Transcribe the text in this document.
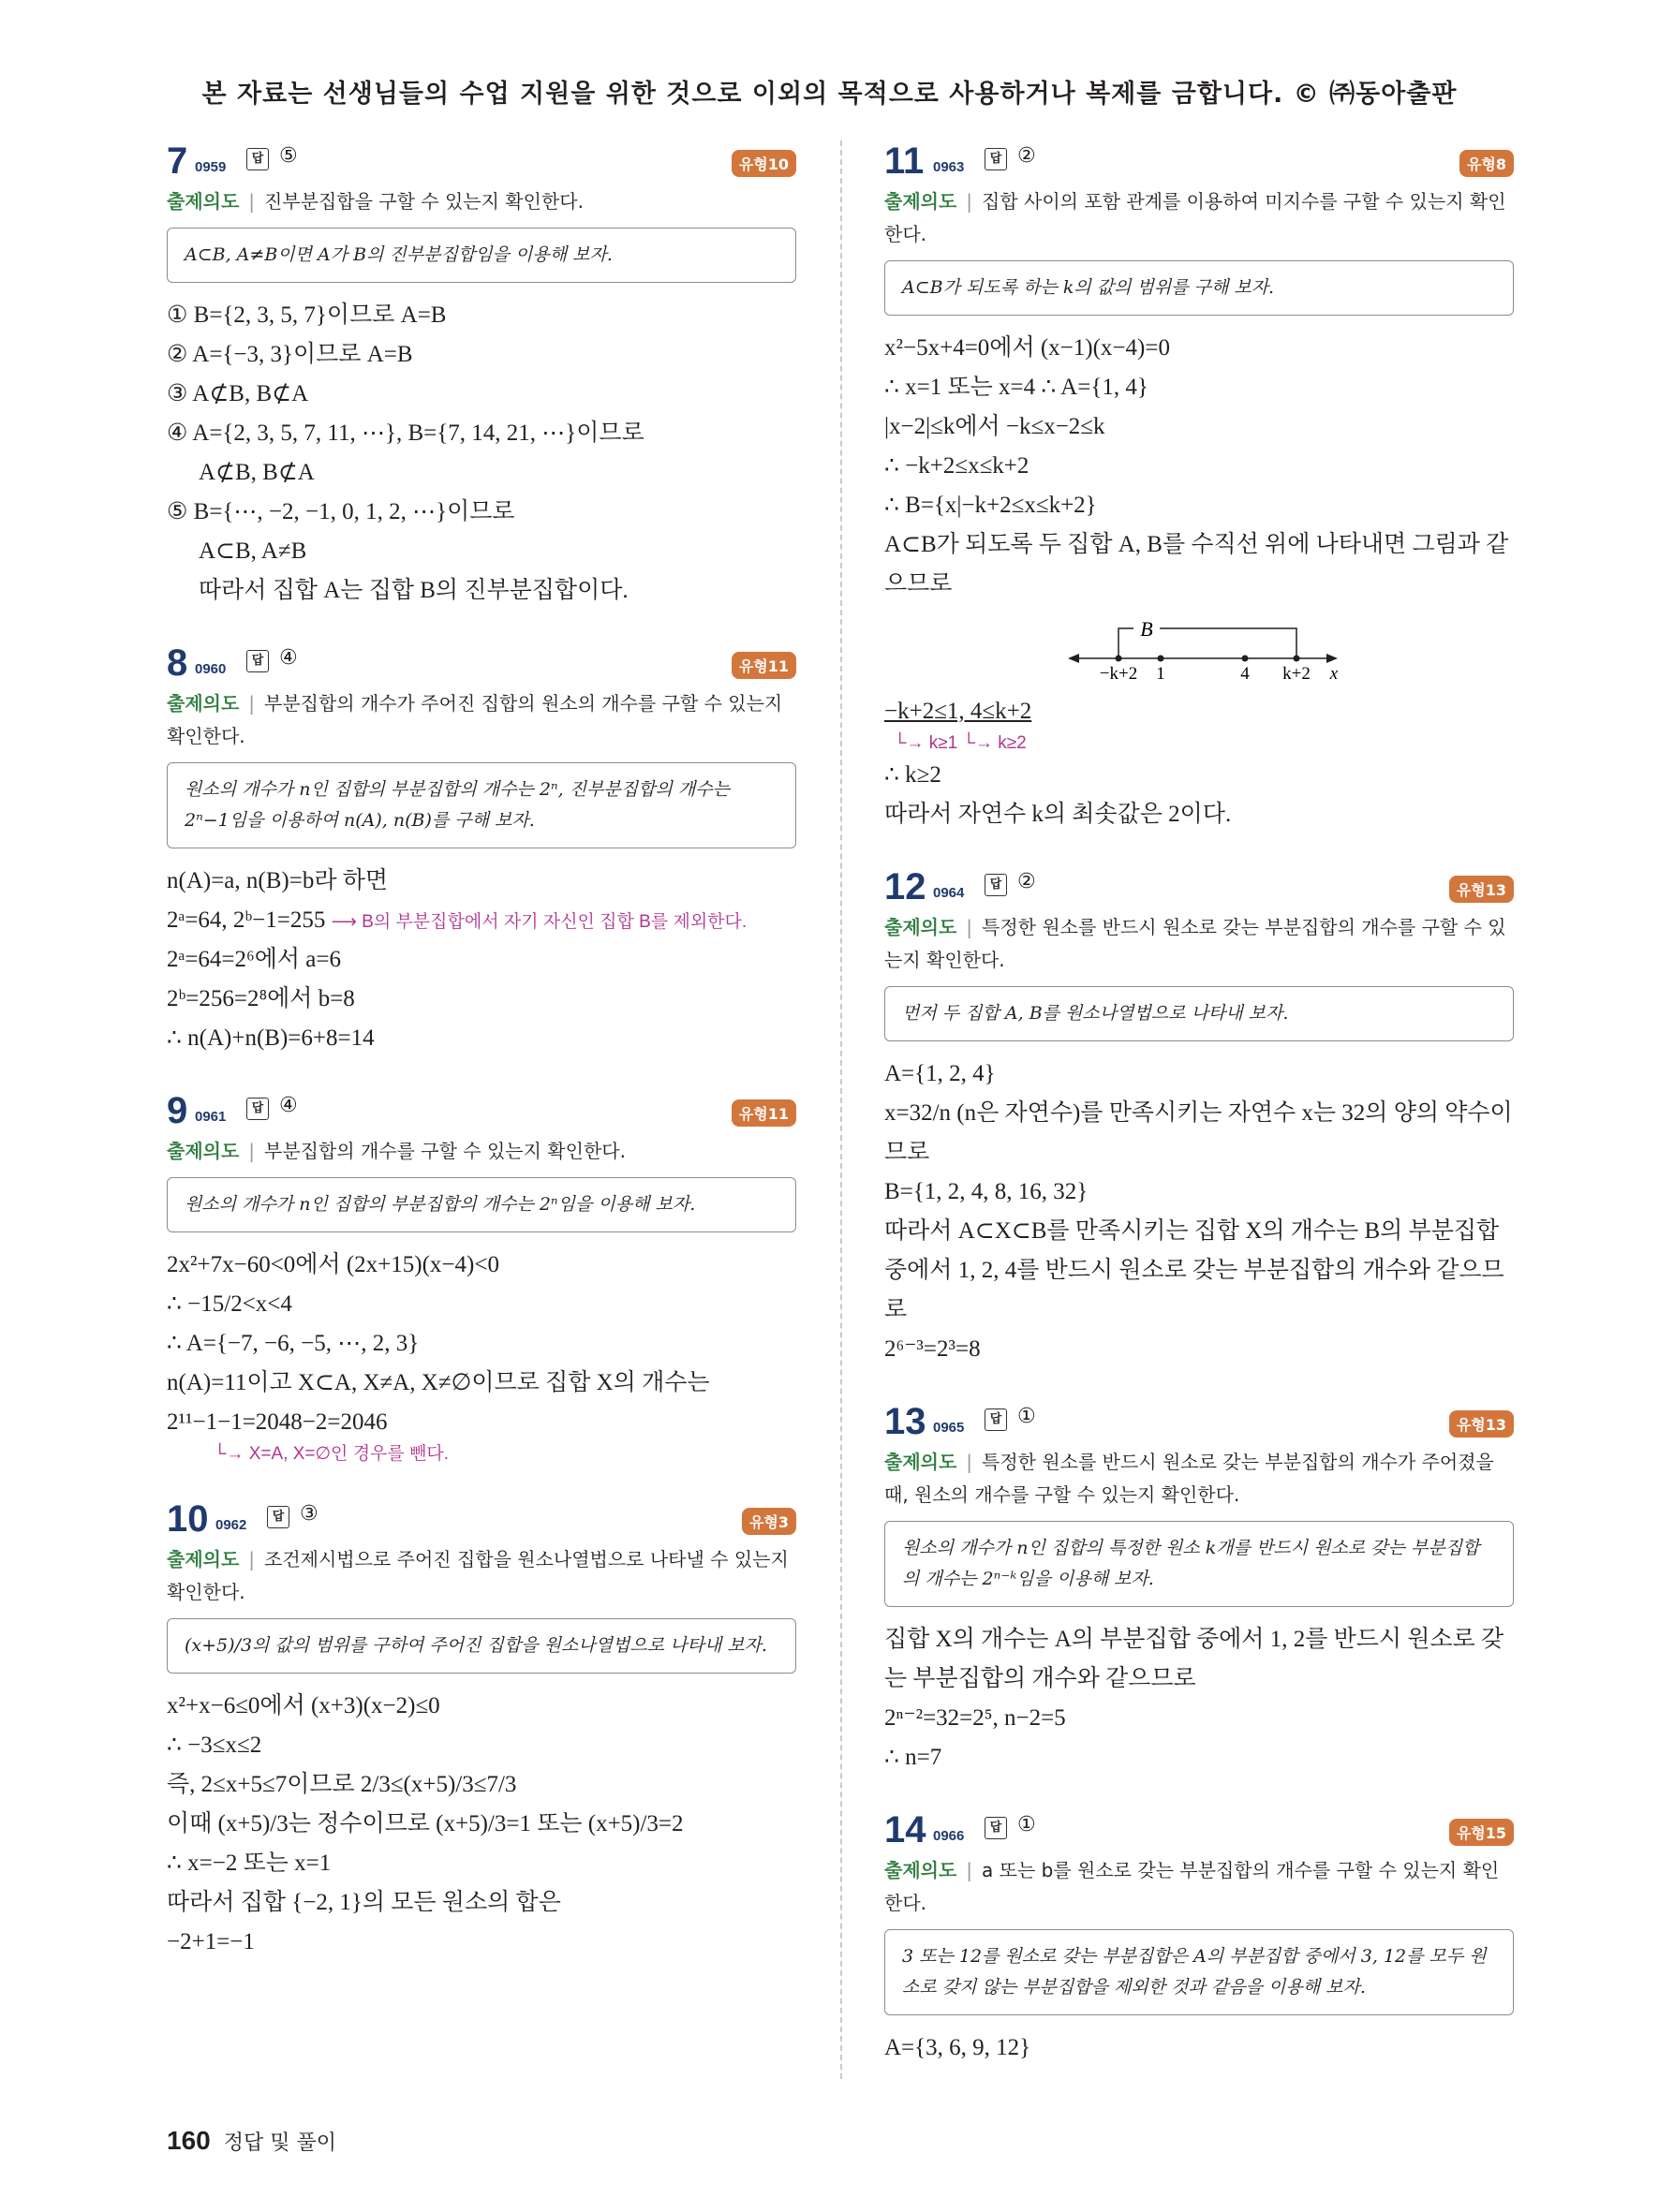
본 자료는 선생님들의 수업 지원을 위한 것으로 이외의 목적으로 사용하거나 복제를 금합니다. © ㈜동아출판
7 0959
답 ⑤	유형10
출제의도 | 진부분집합을 구할 수 있는지 확인한다.
A⊂B, A≠B이면 A가 B의 진부분집합임을 이용해 보자.
① B={2, 3, 5, 7}이므로 A=B
② A={−3, 3}이므로 A=B
③ A⊄B, B⊄A
④ A={2, 3, 5, 7, 11, ⋯}, B={7, 14, 21, ⋯}이므로
A⊄B, B⊄A
⑤ B={⋯, −2, −1, 0, 1, 2, ⋯}이므로
A⊂B, A≠B
따라서 집합 A는 집합 B의 진부분집합이다.
8 0960
답 ④	유형11
출제의도 | 부분집합의 개수가 주어진 집합의 원소의 개수를 구할 수 있는지 확인한다.
원소의 개수가 n인 집합의 부분집합의 개수는 2ⁿ, 진부분집합의 개수는 2ⁿ−1임을 이용하여 n(A), n(B)를 구해 보자.
n(A)=a, n(B)=b라 하면
2ᵃ=64, 2ᵇ−1=255 ⟶ B의 부분집합에서 자기 자신인 집합 B를 제외한다.
2ᵃ=64=2⁶에서 a=6
2ᵇ=256=2⁸에서 b=8
∴ n(A)+n(B)=6+8=14
9 0961
답 ④	유형11
출제의도 | 부분집합의 개수를 구할 수 있는지 확인한다.
원소의 개수가 n인 집합의 부분집합의 개수는 2ⁿ임을 이용해 보자.
2x²+7x−60<0에서 (2x+15)(x−4)<0
∴ −15/2<x<4
∴ A={−7, −6, −5, ⋯, 2, 3}
n(A)=11이고 X⊂A, X≠A, X≠∅이므로 집합 X의 개수는
2¹¹−1−1=2048−2=2046
└→ X=A, X=∅인 경우를 뺀다.
10 0962
답 ③	유형3
출제의도 | 조건제시법으로 주어진 집합을 원소나열법으로 나타낼 수 있는지 확인한다.
(x+5)/3의 값의 범위를 구하여 주어진 집합을 원소나열법으로 나타내 보자.
x²+x−6≤0에서 (x+3)(x−2)≤0
∴ −3≤x≤2
즉, 2≤x+5≤7이므로 2/3≤(x+5)/3≤7/3
이때 (x+5)/3는 정수이므로 (x+5)/3=1 또는 (x+5)/3=2
∴ x=−2 또는 x=1
따라서 집합 {−2, 1}의 모든 원소의 합은
−2+1=−1
11 0963
답 ②	유형8
출제의도 | 집합 사이의 포함 관계를 이용하여 미지수를 구할 수 있는지 확인한다.
A⊂B가 되도록 하는 k의 값의 범위를 구해 보자.
x²−5x+4=0에서 (x−1)(x−4)=0
∴ x=1 또는 x=4 ∴ A={1, 4}
|x−2|≤k에서 −k≤x−2≤k
∴ −k+2≤x≤k+2
∴ B={x|−k+2≤x≤k+2}
A⊂B가 되도록 두 집합 A, B를 수직선 위에 나타내면 그림과 같으므로
B
−k+2 1	4 k+2 x
−k+2≤1, 4≤k+2
└→ k≥1 └→ k≥2
∴ k≥2
따라서 자연수 k의 최솟값은 2이다.
12 0964
답 ②	유형13
출제의도 | 특정한 원소를 반드시 원소로 갖는 부분집합의 개수를 구할 수 있는지 확인한다.
먼저 두 집합 A, B를 원소나열법으로 나타내 보자.
A={1, 2, 4}
x=32/n (n은 자연수)를 만족시키는 자연수 x는 32의 양의 약수이므로
B={1, 2, 4, 8, 16, 32}
따라서 A⊂X⊂B를 만족시키는 집합 X의 개수는 B의 부분집합 중에서 1, 2, 4를 반드시 원소로 갖는 부분집합의 개수와 같으므로
2⁶⁻³=2³=8
13 0965
답 ①	유형13
출제의도 | 특정한 원소를 반드시 원소로 갖는 부분집합의 개수가 주어졌을 때, 원소의 개수를 구할 수 있는지 확인한다.
원소의 개수가 n인 집합의 특정한 원소 k개를 반드시 원소로 갖는 부분집합의 개수는 2ⁿ⁻ᵏ임을 이용해 보자.
집합 X의 개수는 A의 부분집합 중에서 1, 2를 반드시 원소로 갖는 부분집합의 개수와 같으므로
2ⁿ⁻²=32=2⁵, n−2=5
∴ n=7
14 0966
답 ①	유형15
출제의도 | a 또는 b를 원소로 갖는 부분집합의 개수를 구할 수 있는지 확인한다.
3 또는 12를 원소로 갖는 부분집합은 A의 부분집합 중에서 3, 12를 모두 원소로 갖지 않는 부분집합을 제외한 것과 같음을 이용해 보자.
A={3, 6, 9, 12}
160 정답 및 풀이
